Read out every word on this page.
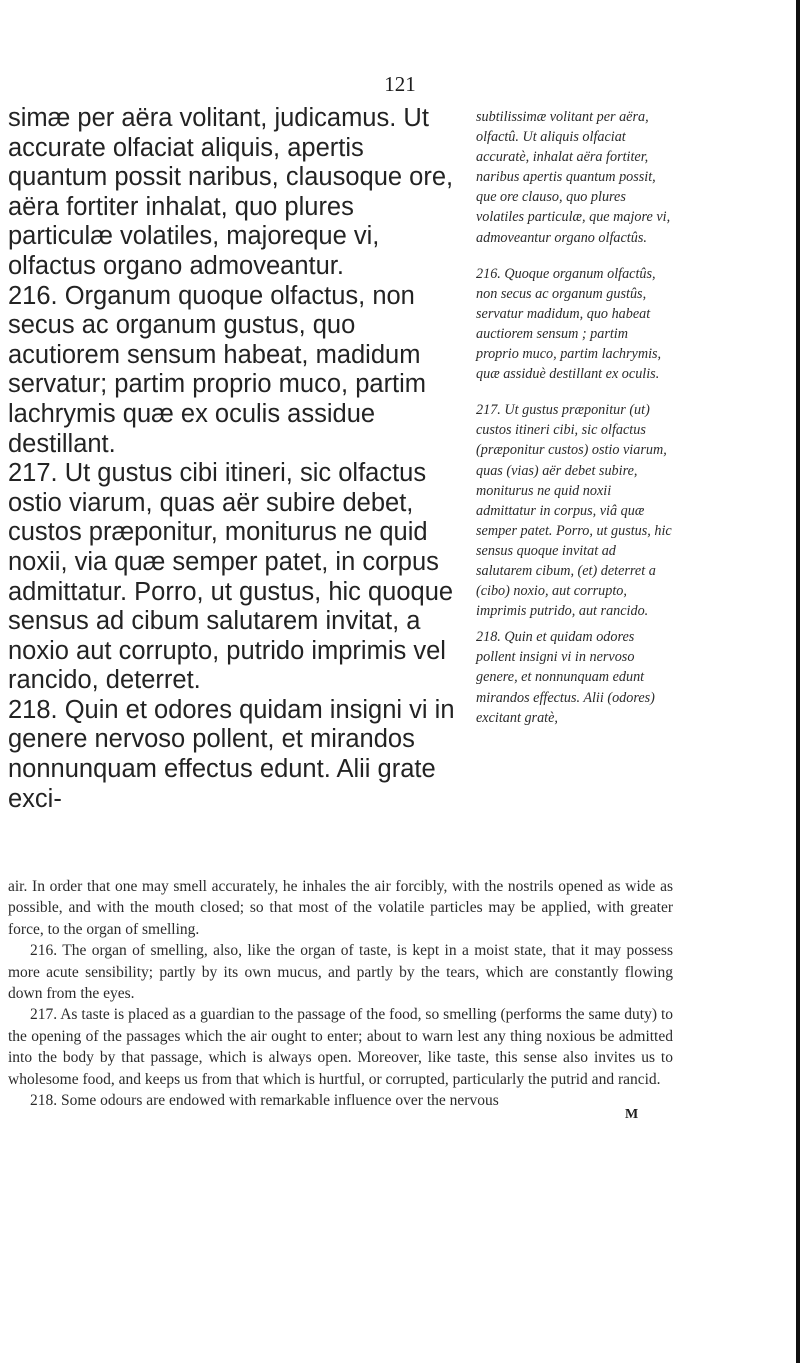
121

simæ per aëra volitant, judicamus. Ut accurate olfaciat aliquis, apertis quantum possit naribus, clausoque ore, aëra fortiter inhalat, quo plures particulæ volatiles, majoreque vi, olfactus organo admoveantur.

216. Organum quoque olfactus, non secus ac organum gustus, quo acutiorem sensum habeat, madidum servatur; partim proprio muco, partim lachrymis quæ ex oculis assidue destillant.

217. Ut gustus cibi itineri, sic olfactus ostio viarum, quas aër subire debet, custos præponitur, moniturus ne quid noxii, via quæ semper patet, in corpus admittatur. Porro, ut gustus, hic quoque sensus ad cibum salutarem invitat, a noxio aut corrupto, putrido imprimis vel rancido, deterret.

218. Quin et odores quidam insigni vi in genere nervoso pollent, et mirandos nonnunquam effectus edunt. Alii grate exci-

subtilissimæ volitant per aëra, olfactû. Ut aliquis olfaciat accuratè, inhalat aëra fortiter, naribus apertis quantum possit, que ore clauso, quo plures volatiles particulæ, que majore vi, admoveantur organo olfactûs.

216. Quoque organum olfactûs, non secus ac organum gustûs, servatur madidum, quo habeat auctiorem sensum ; partim proprio muco, partim lachrymis, quæ assiduè destillant ex oculis.

217. Ut gustus præponitur (ut) custos itineri cibi, sic olfactus (præponitur custos) ostio viarum, quas (vias) aër debet subire, moniturus ne quid noxii admittatur in corpus, viâ quæ semper patet. Porro, ut gustus, hic sensus quoque invitat ad salutarem cibum, (et) deterret a (cibo) noxio, aut corrupto, imprimis putrido, aut rancido.

218. Quin et quidam odores pollent insigni vi in nervoso genere, et nonnunquam edunt mirandos effectus. Alii (odores) excitant gratè,

air. In order that one may smell accurately, he inhales the air forcibly, with the nostrils opened as wide as possible, and with the mouth closed; so that most of the volatile particles may be applied, with greater force, to the organ of smelling.

216. The organ of smelling, also, like the organ of taste, is kept in a moist state, that it may possess more acute sensibility; partly by its own mucus, and partly by the tears, which are constantly flowing down from the eyes.

217. As taste is placed as a guardian to the passage of the food, so smelling (performs the same duty) to the opening of the passages which the air ought to enter; about to warn lest any thing noxious be admitted into the body by that passage, which is always open. Moreover, like taste, this sense also invites us to wholesome food, and keeps us from that which is hurtful, or corrupted, particularly the putrid and rancid.

218. Some odours are endowed with remarkable influence over the nervous

M
